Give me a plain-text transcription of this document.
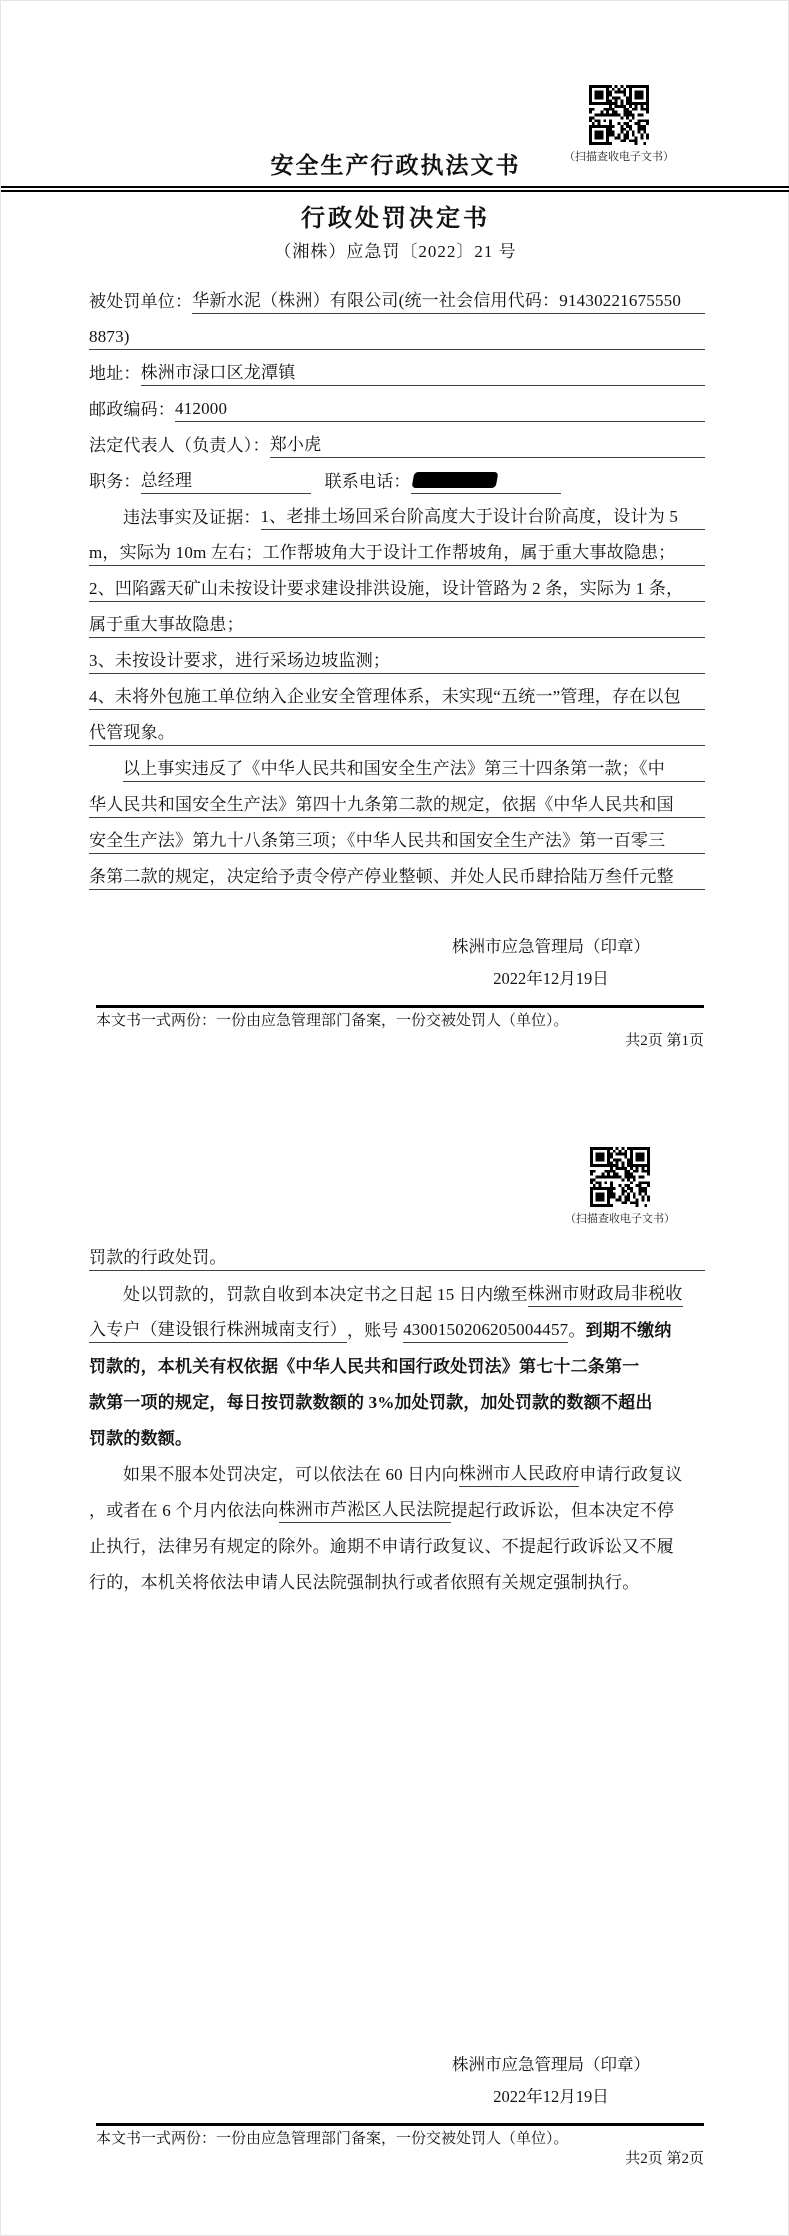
（扫描查收电子文书）
安全生产行政执法文书
行政处罚决定书
（湘株）应急罚〔2022〕21 号
被处罚单位： 华新水泥（株洲）有限公司(统一社会信用代码：91430221675550
8873)
地址： 株洲市渌口区龙潭镇
邮政编码： 412000
法定代表人（负责人）： 郑小虎
职务： 总经理	联系电话：
违法事实及证据： 1、老排土场回采台阶高度大于设计台阶高度，设计为 5
m，实际为 10m 左右；工作帮坡角大于设计工作帮坡角，属于重大事故隐患；
2、凹陷露天矿山未按设计要求建设排洪设施，设计管路为 2 条，实际为 1 条，
属于重大事故隐患；
3、未按设计要求，进行采场边坡监测；
4、未将外包施工单位纳入企业安全管理体系，未实现“五统一”管理，存在以包
代管现象。
以上事实违反了《中华人民共和国安全生产法》第三十四条第一款；《中
华人民共和国安全生产法》第四十九条第二款的规定，依据《中华人民共和国
安全生产法》第九十八条第三项；《中华人民共和国安全生产法》第一百零三
条第二款的规定，决定给予责令停产停业整顿、并处人民币肆拾陆万叁仟元整
株洲市应急管理局（印章）
2022年12月19日
本文书一式两份：一份由应急管理部门备案，一份交被处罚人（单位）。
共2页 第1页
（扫描查收电子文书）
罚款的行政处罚。
处以罚款的，罚款自收到本决定书之日起 15 日内缴至 株洲市财政局非税收
入专户（建设银行株洲城南支行） ，账号 4300150206205004457 。 到期不缴纳
罚款的，本机关有权依据《中华人民共和国行政处罚法》第七十二条第一
款第一项的规定，每日按罚款数额的 3%加处罚款，加处罚款的数额不超出
罚款的数额。
如果不服本处罚决定，可以依法在 60 日内向 株洲市人民政府 申请行政复议
，或者在 6 个月内依法向 株洲市芦淞区人民法院 提起行政诉讼，但本决定不停
止执行，法律另有规定的除外。逾期不申请行政复议、不提起行政诉讼又不履
行的，本机关将依法申请人民法院强制执行或者依照有关规定强制执行。
株洲市应急管理局（印章）
2022年12月19日
本文书一式两份：一份由应急管理部门备案，一份交被处罚人（单位）。
共2页 第2页
